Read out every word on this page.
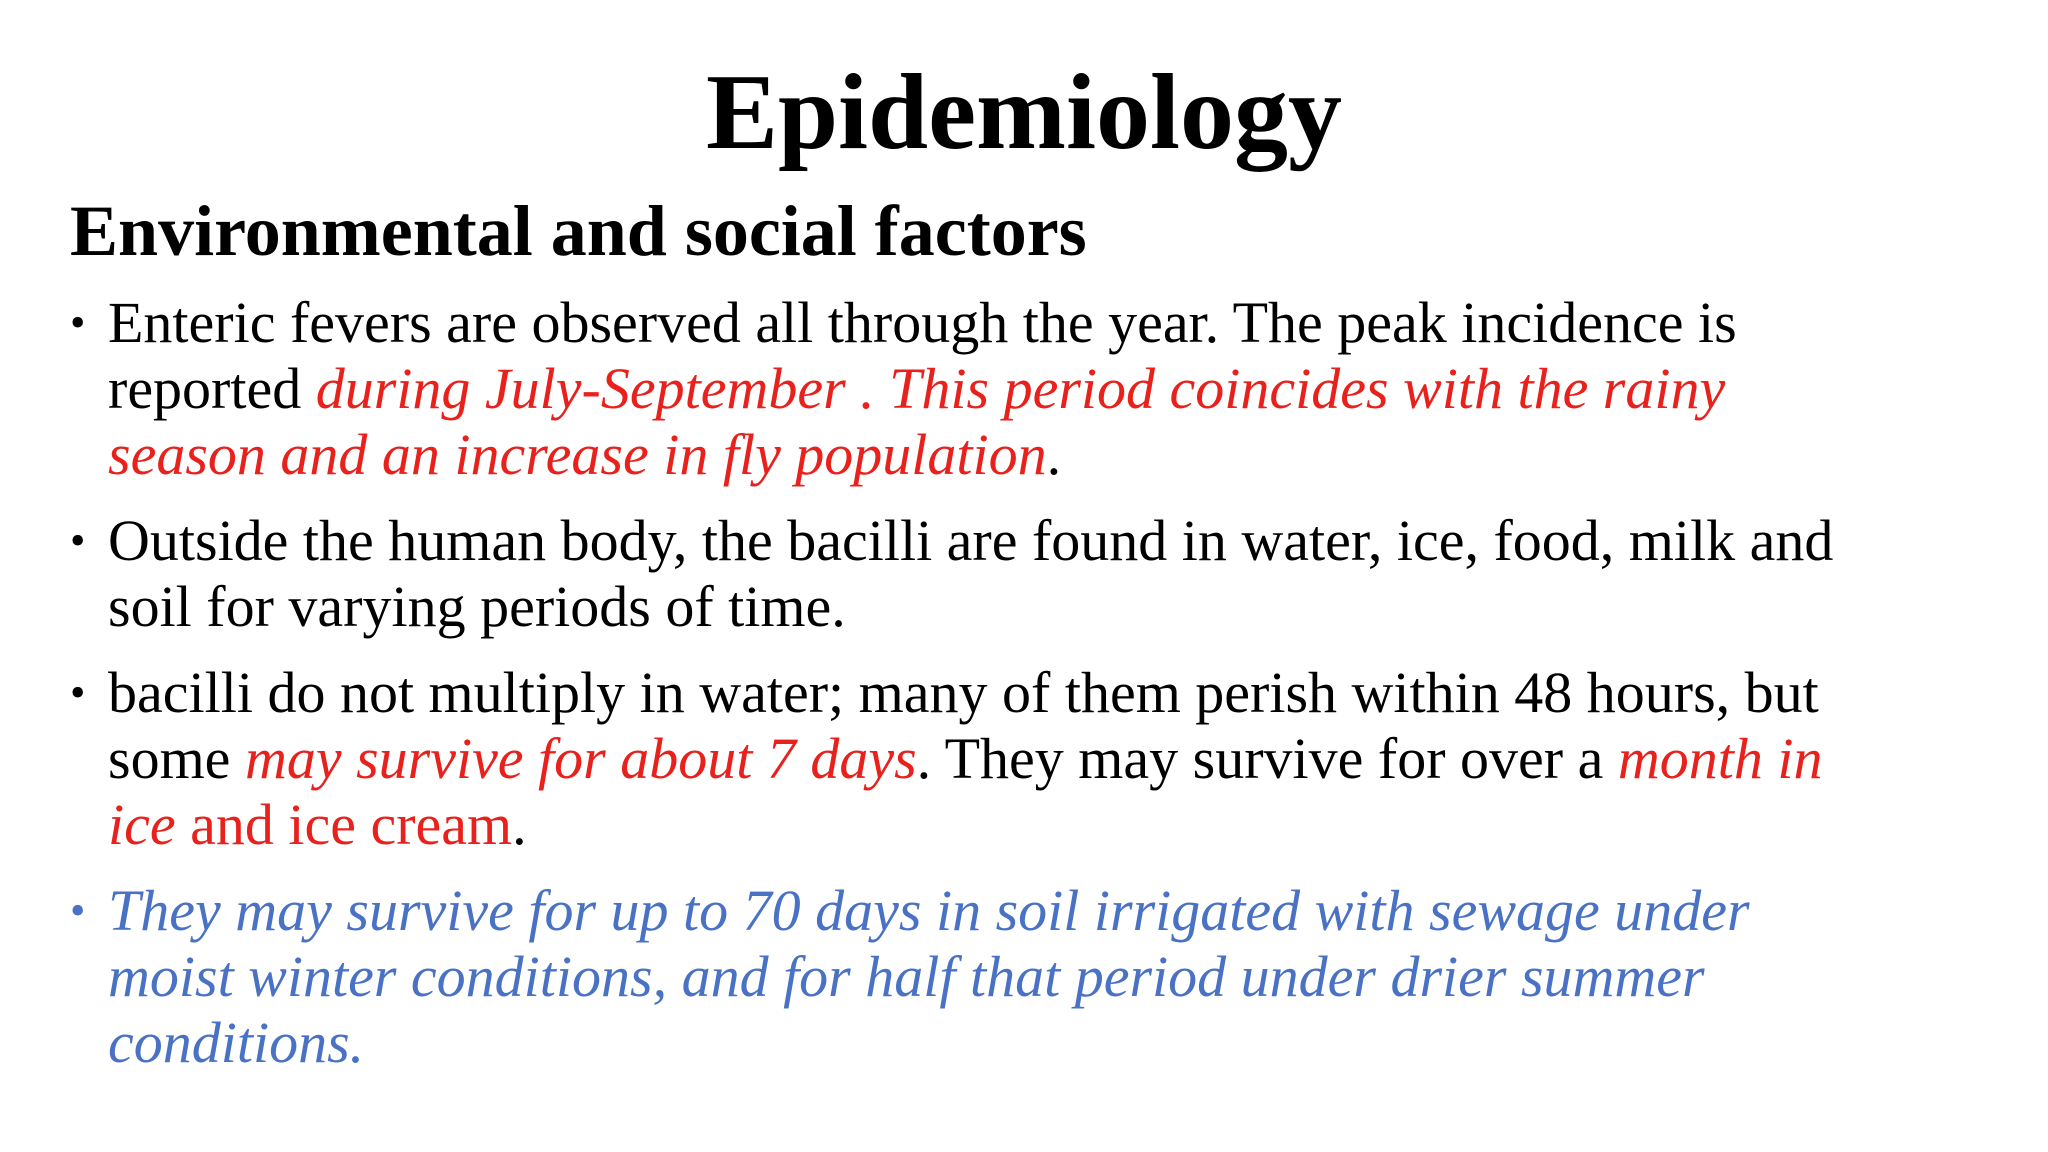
Epidemiology
Environmental and social factors
• Enteric fevers are observed all through the year. The peak incidence is reported during July-September . This period coincides with the rainy season and an increase in fly population.
• Outside the human body, the bacilli are found in water, ice, food, milk and soil for varying periods of time.
• bacilli do not multiply in water; many of them perish within 48 hours, but some may survive for about 7 days. They may survive for over a month in ice and ice cream.
• They may survive for up to 70 days in soil irrigated with sewage under moist winter conditions, and for half that period under drier summer conditions.
